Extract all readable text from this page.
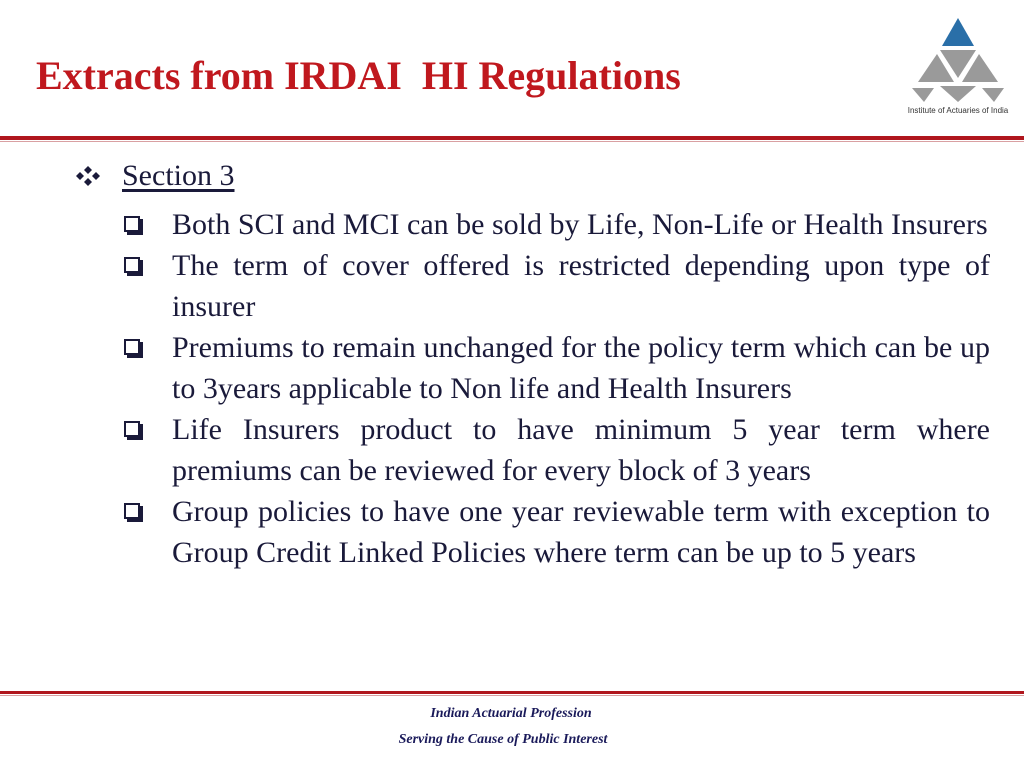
Extracts from IRDAI  HI Regulations
Institute of Actuaries of India
Section 3
Both SCI and MCI can be sold by Life, Non-Life or Health Insurers
The term of cover offered is restricted depending upon type of insurer
Premiums to remain unchanged for the policy term which can be up to 3years applicable to Non life and Health Insurers
Life Insurers product to have minimum 5 year term where premiums can be reviewed for every block of 3 years
Group policies to have one year reviewable term with exception to Group Credit Linked Policies where term can be up to 5 years
Indian Actuarial Profession
Serving the Cause of Public Interest
